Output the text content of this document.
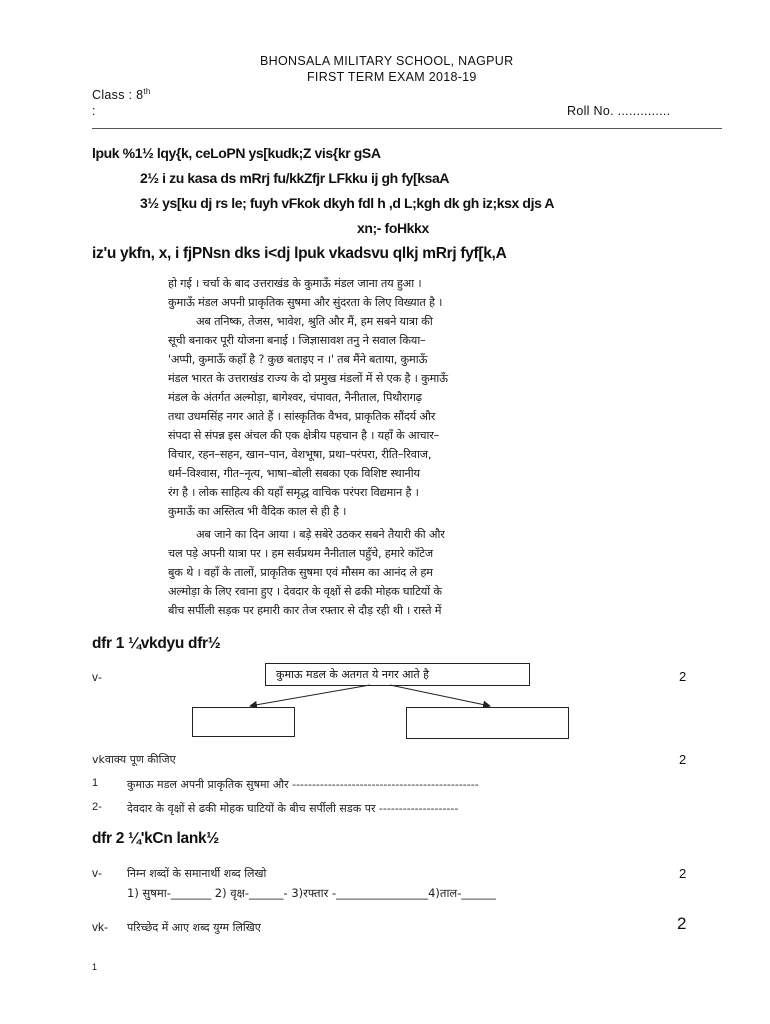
BHONSALA MILITARY SCHOOL, NAGPUR
FIRST TERM EXAM 2018-19
Class : 8th
:	Roll No. ..............
lpuk %1½ lqy{k, ceLoPN ys[kudk;Z vis{kr gSA
2½ i zu kasa ds mRrj fu/kkZfjr LFkku ij gh fy[ksaA
3½ ys[ku dj rs le; fuyh vFkok dkyh fdl h ,d L;kgh dk gh iz;ksx djs A
xn;- foHkkx
iz'u ykfn, x, i fjPNsn dks i<dj lpuk vkadsvu qlkj mRrj fyf[k,A
हो गई । चर्चा के बाद उत्तराखंड के कुमाऊँ मंडल जाना तय हुआ ।
कुमाऊँ मंडल अपनी प्राकृतिक सुषमा और सुंदरता के लिए विख्यात है ।
अब तनिष्क, तेजस, भावेश, श्रुति और मैं, हम सबने यात्रा की
सूची बनाकर पूरी योजना बनाई । जिज्ञासावश तनु ने सवाल किया–
'अप्पी, कुमाऊँ कहाँ है ? कुछ बताइए न ।' तब मैंने बताया, कुमाऊँ
मंडल भारत के उत्तराखंड राज्य के दो प्रमुख मंडलों में से एक है । कुमाऊँ
मंडल के अंतर्गत अल्मोड़ा, बागेश्वर, चंपावत, नैनीताल, पिथौरागढ़
तथा उधमसिंह नगर आते हैं । सांस्कृतिक वैभव, प्राकृतिक सौंदर्य और
संपदा से संपन्न इस अंचल की एक क्षेत्रीय पहचान है । यहाँ के आचार–
विचार, रहन–सहन, खान–पान, वेशभूषा, प्रथा–परंपरा, रीति–रिवाज,
धर्म–विश्वास, गीत–नृत्य, भाषा–बोली सबका एक विशिष्ट स्थानीय
रंग है । लोक साहित्य की यहाँ समृद्ध वाचिक परंपरा विद्यमान है ।
कुमाऊँ का अस्तित्व भी वैदिक काल से ही है ।
अब जाने का दिन आया । बड़े सबेरे उठकर सबने तैयारी की और
चल पड़े अपनी यात्रा पर । हम सर्वप्रथम नैनीताल पहुँचे, हमारे कॉटेज
बुक थे । वहाँ के तालों, प्राकृतिक सुषमा एवं मौसम का आनंद ले हम
अल्मोड़ा के लिए रवाना हुए । देवदार के वृक्षों से ढकी मोहक घाटियों के
बीच सर्पीली सड़क पर हमारी कार तेज रफ्तार से दौड़ रही थी । रास्ते में
dfr 1 ¼vkdyu dfr½
v-	कुमाऊ मडल के अतगत ये नगर आते है	2
vkवाक्य पूण कीजिए	2
1	कुमाऊ मडल अपनी प्राकृतिक सुषमा और -----------------------------------------------
2- देवदार के वृक्षों से ढकी मोहक घाटियों के बीच सर्पीली सडक पर --------------------
dfr 2 ¼'kCn lank½
v- निम्न शब्दों के समानार्थी शब्द लिखो	2
1) सुषमा-_______ 2) वृक्ष-______- 3)रफ्तार -________________4)ताल-______
vk- परिच्छेद में आए शब्द युग्म लिखिए	2
1
